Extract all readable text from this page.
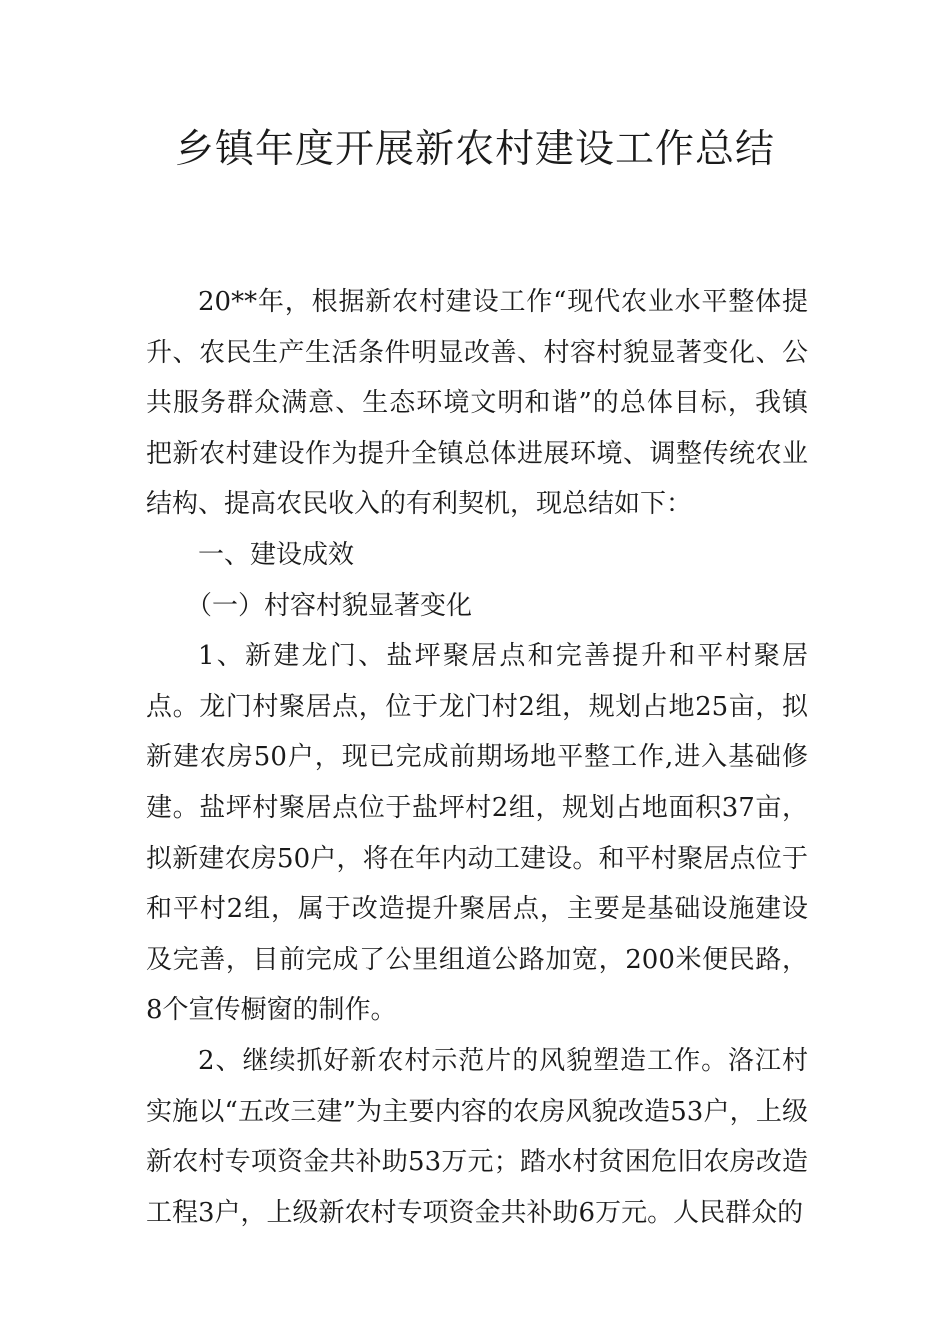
乡镇年度开展新农村建设工作总结

20**年，根据新农村建设工作“现代农业水平整体提升、农民生产生活条件明显改善、村容村貌显著变化、公共服务群众满意、生态环境文明和谐”的总体目标，我镇把新农村建设作为提升全镇总体进展环境、调整传统农业结构、提高农民收入的有利契机，现总结如下：

一、建设成效

（一）村容村貌显著变化

1、新建龙门、盐坪聚居点和完善提升和平村聚居点。龙门村聚居点，位于龙门村2组，规划占地25亩，拟新建农房50户，现已完成前期场地平整工作,进入基础修建。盐坪村聚居点位于盐坪村2组，规划占地面积37亩，拟新建农房50户，将在年内动工建设。和平村聚居点位于和平村2组，属于改造提升聚居点，主要是基础设施建设及完善，目前完成了公里组道公路加宽，200米便民路，8个宣传橱窗的制作。

2、继续抓好新农村示范片的风貌塑造工作。洛江村实施以“五改三建”为主要内容的农房风貌改造53户，上级新农村专项资金共补助53万元；踏水村贫困危旧农房改造工程3户，上级新农村专项资金共补助6万元。人民群众的
